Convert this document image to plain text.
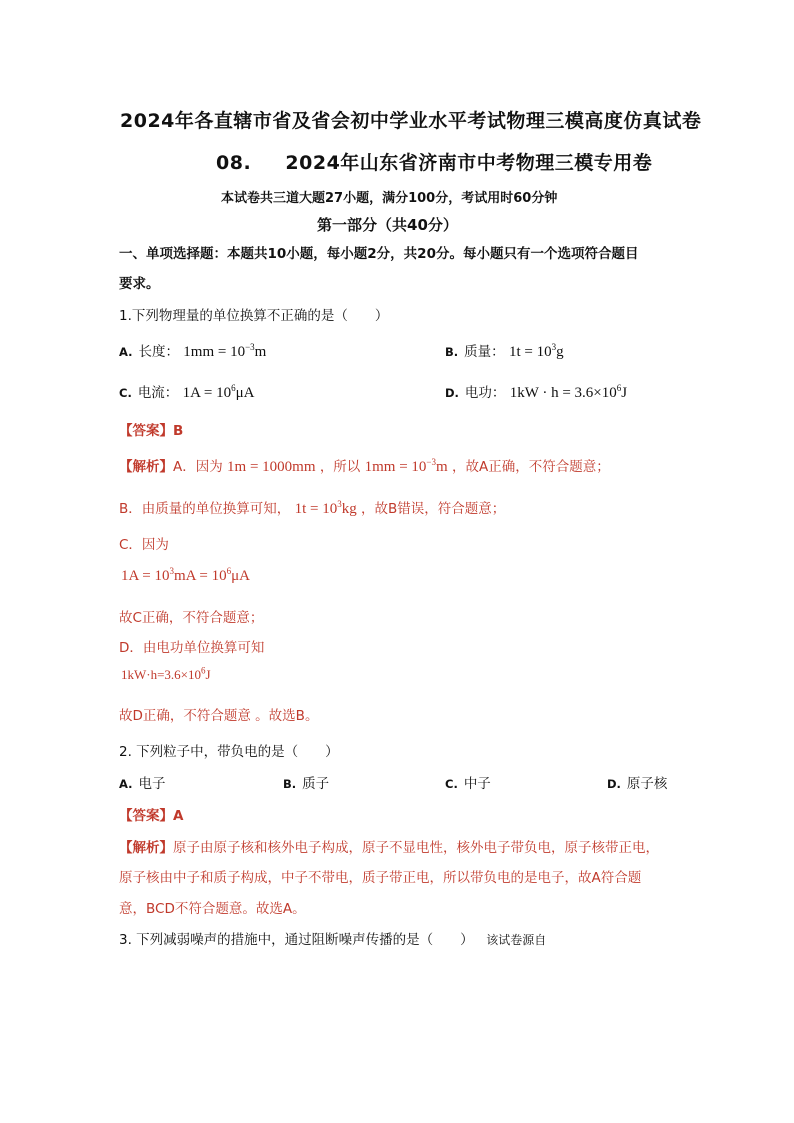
2024年各直辖市省及省会初中学业水平考试物理三模高度仿真试卷
08. 2024年山东省济南市中考物理三模专用卷
本试卷共三道大题27小题，满分100分，考试用时60分钟
第一部分（共40分）
一、单项选择题：本题共10小题，每小题2分，共20分。每小题只有一个选项符合题目
要求。
1.下列物理量的单位换算不正确的是（　　）
A. 长度： $1mm = 10^{-3}m$	B. 质量： $1t = 10^3g$
C. 电流： $1A = 10^6\mu A$	D. 电功： $1kW \cdot h = 3.6\times 10^6J$
【答案】B
【解析】A．因为 1m = 1000mm ，所以 $1mm = 10^{-3}m$ ，故A正确，不符合题意；
B．由质量的单位换算可知， $1t = 10^3kg$ ，故B错误，符合题意；
C．因为
$1A = 10^3mA = 10^6\mu A$
故C正确，不符合题意；
D．由电功单位换算可知
$1kW\cdot h=3.6\times 10^6J$
故D正确，不符合题意 。故选B。
2. 下列粒子中，带负电的是（　　）
A. 电子	B. 质子	C. 中子	D. 原子核
【答案】A
【解析】原子由原子核和核外电子构成，原子不显电性，核外电子带负电，原子核带正电，
原子核由中子和质子构成，中子不带电，质子带正电，所以带负电的是电子，故A符合题
意，BCD不符合题意。故选A。
3. 下列减弱噪声的措施中，通过阻断噪声传播的是（　　） 该试卷源自
